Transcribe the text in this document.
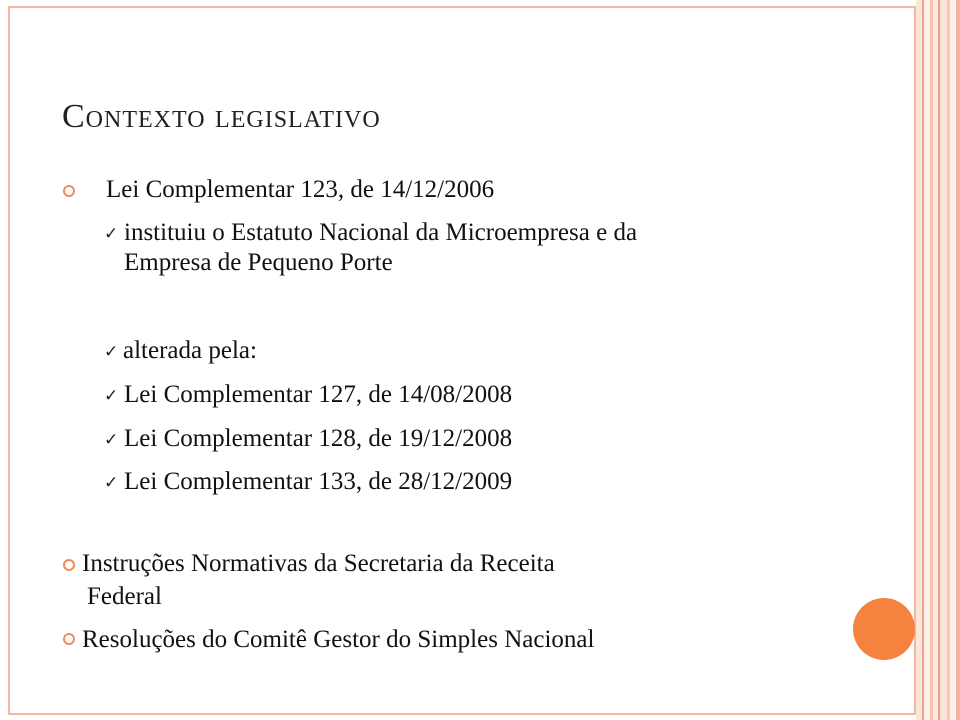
Contexto legislativo
Lei Complementar 123, de 14/12/2006
✓ instituiu o Estatuto Nacional da Microempresa e da
Empresa de Pequeno Porte
✓ alterada pela:
✓ Lei Complementar 127, de 14/08/2008
✓ Lei Complementar 128, de 19/12/2008
✓ Lei Complementar 133, de 28/12/2009
Instruções Normativas da Secretaria da Receita
Federal
Resoluções do Comitê Gestor do Simples Nacional
